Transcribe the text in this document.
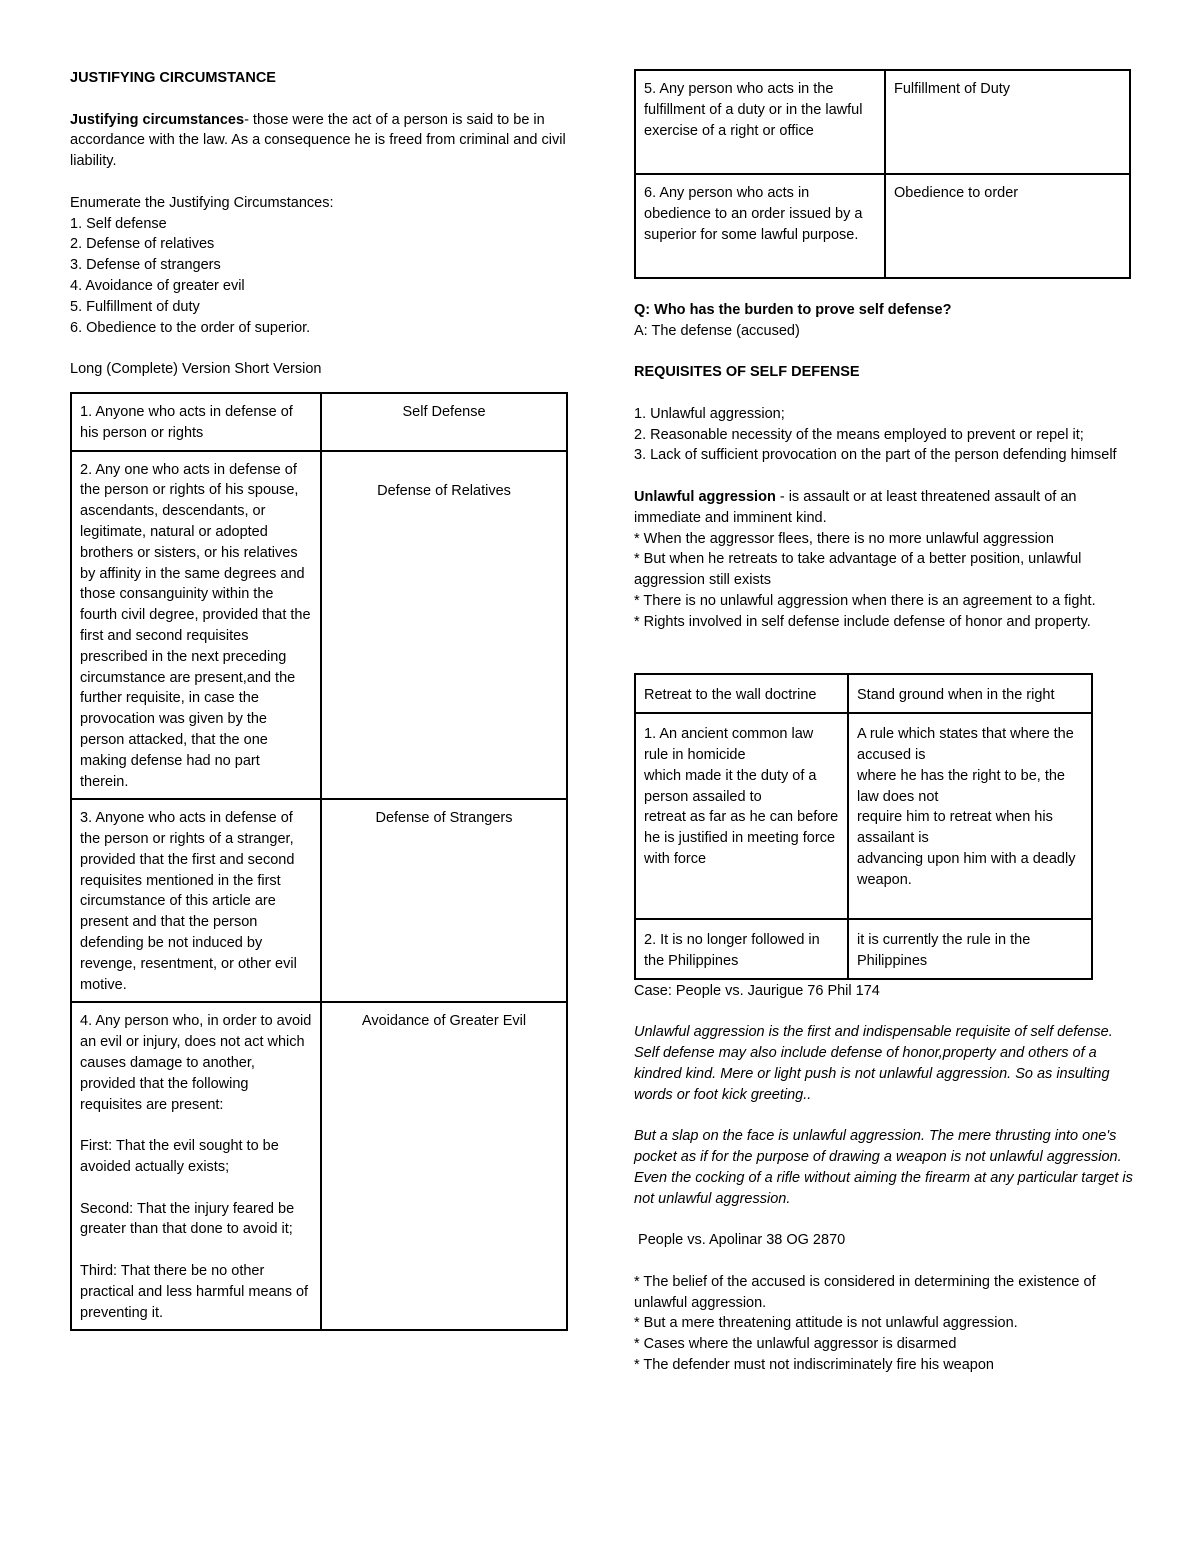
JUSTIFYING CIRCUMSTANCE

Justifying circumstances- those were the act of a person is said to be in accordance with the law. As a consequence he is freed from criminal and civil liability.

Enumerate the Justifying Circumstances:

1. Self defense

2. Defense of relatives

3. Defense of strangers

4. Avoidance of greater evil

5. Fulfillment of duty

6. Obedience to the order of superior.

Long (Complete) Version Short Version

1. Anyone who acts in defense of his person or rights	Self Defense
2. Any one who acts in defense of the person or rights of his spouse, ascendants, descendants, or legitimate, natural or adopted brothers or sisters, or his relatives by affinity in the same degrees and those consanguinity within the fourth civil degree, provided that the first and second requisites prescribed in the next preceding circumstance are present,and the further requisite, in case the provocation was given by the person attacked, that the one making defense had no part therein.	Defense of Relatives
3. Anyone who acts in defense of the person or rights of a stranger, provided that the first and second requisites mentioned in the first circumstance of this article are present and that the person defending be not induced by revenge, resentment, or other evil motive.	Defense of Strangers

4. Any person who, in order to avoid an evil or injury, does not act which causes damage to another, provided that the following requisites are present:

First: That the evil sought to be avoided actually exists;

Second: That the injury feared be greater than that done to avoid it;

Third: That there be no other practical and less harmful means of preventing it.	Avoidance of Greater Evil
5. Any person who acts in the fulfillment of a duty or in the lawful exercise of a right or office	Fulfillment of Duty
6. Any person who acts in obedience to an order issued by a superior for some lawful purpose.	Obedience to order

Q: Who has the burden to prove self defense?

A: The defense (accused)

REQUISITES OF SELF DEFENSE

1. Unlawful aggression;

2. Reasonable necessity of the means employed to prevent or repel it;

3. Lack of sufficient provocation on the part of the person defending himself

Unlawful aggression - is assault or at least threatened assault of an immediate and imminent kind.

* When the aggressor flees, there is no more unlawful aggression

* But when he retreats to take advantage of a better position, unlawful aggression still exists

* There is no unlawful aggression when there is an agreement to a fight.

* Rights involved in self defense include defense of honor and property.

Retreat to the wall doctrine	Stand ground when in the right
1. An ancient common law rule in homicide
which made it the duty of a person assailed to
retreat as far as he can before he is justified in meeting force with force	A rule which states that where the accused is
where he has the right to be, the law does not
require him to retreat when his assailant is
advancing upon him with a deadly weapon.
2. It is no longer followed in the Philippines	it is currently the rule in the Philippines

Case: People vs. Jaurigue 76 Phil 174

Unlawful aggression is the first and indispensable requisite of self defense. Self defense may also include defense of honor,property and others of a kindred kind. Mere or light push is not unlawful aggression. So as insulting words or foot kick greeting..

But a slap on the face is unlawful aggression. The mere thrusting into one's pocket as if for the purpose of drawing a weapon is not unlawful aggression. Even the cocking of a rifle without aiming the firearm at any particular target is not unlawful aggression.

People vs. Apolinar 38 OG 2870

* The belief of the accused is considered in determining the existence of unlawful aggression.

* But a mere threatening attitude is not unlawful aggression.

* Cases where the unlawful aggressor is disarmed

* The defender must not indiscriminately fire his weapon
